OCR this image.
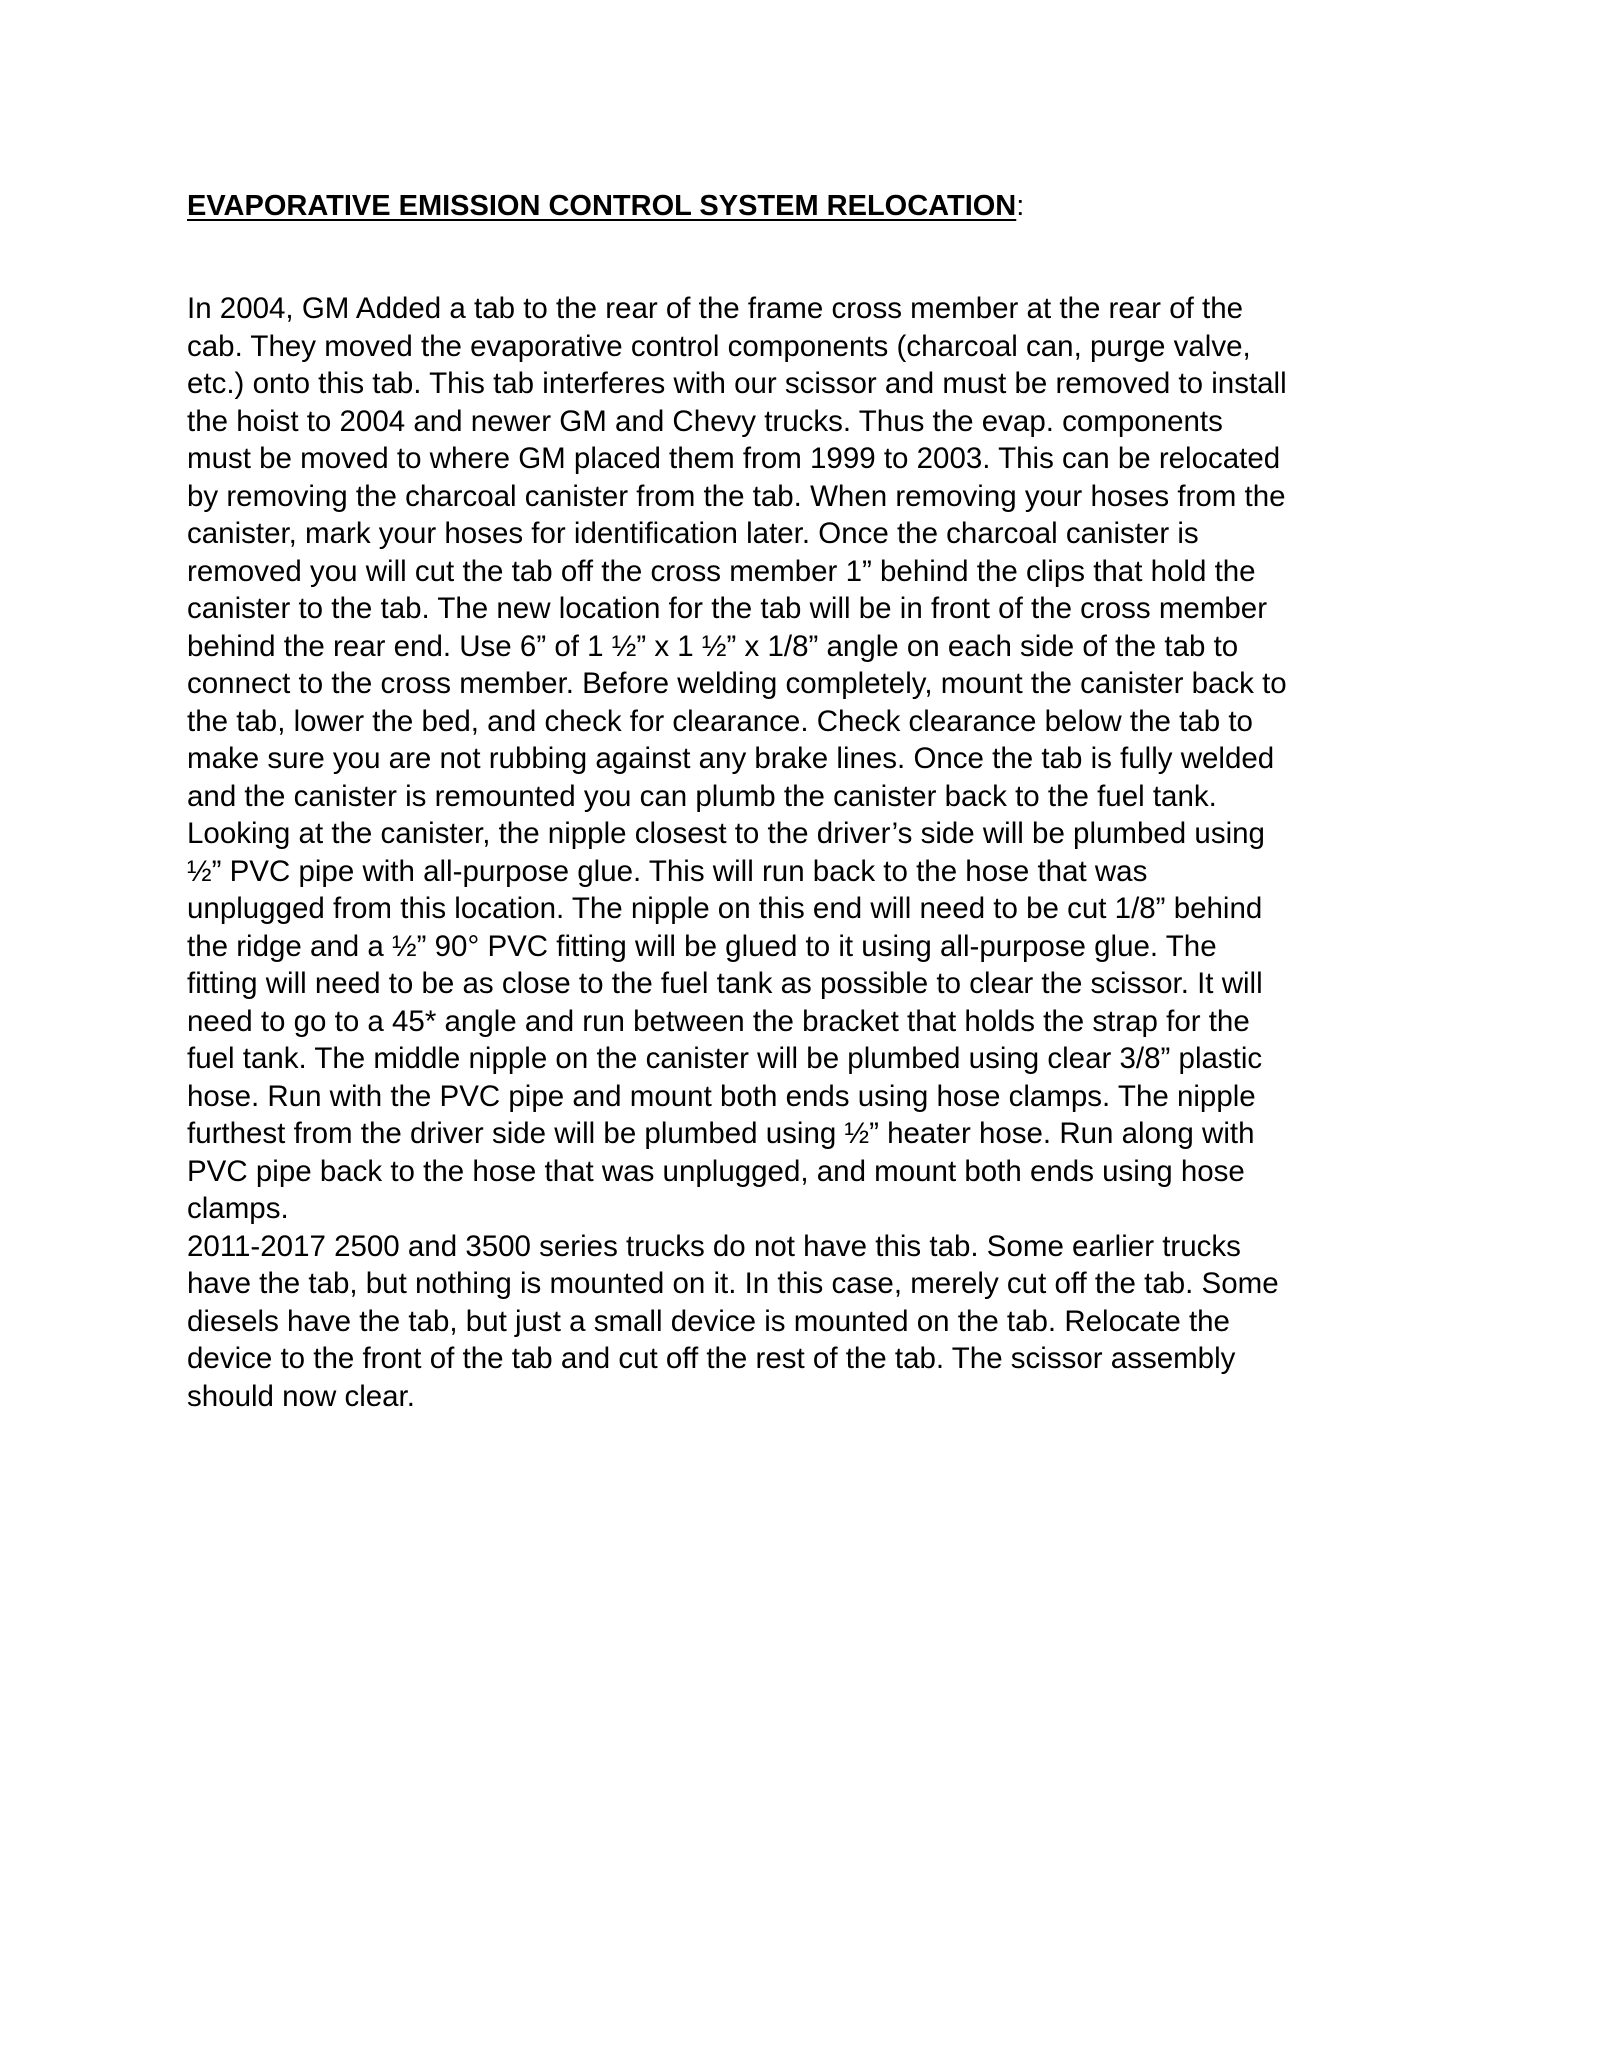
EVAPORATIVE EMISSION CONTROL SYSTEM RELOCATION:
In 2004, GM Added a tab to the rear of the frame cross member at the rear of the
cab. They moved the evaporative control components (charcoal can, purge valve,
etc.) onto this tab. This tab interferes with our scissor and must be removed to install
the hoist to 2004 and newer GM and Chevy trucks. Thus the evap. components
must be moved to where GM placed them from 1999 to 2003. This can be relocated
by removing the charcoal canister from the tab. When removing your hoses from the
canister, mark your hoses for identification later. Once the charcoal canister is
removed you will cut the tab off the cross member 1” behind the clips that hold the
canister to the tab. The new location for the tab will be in front of the cross member
behind the rear end. Use 6” of 1 ½” x 1 ½” x 1/8” angle on each side of the tab to
connect to the cross member. Before welding completely, mount the canister back to
the tab, lower the bed, and check for clearance. Check clearance below the tab to
make sure you are not rubbing against any brake lines. Once the tab is fully welded
and the canister is remounted you can plumb the canister back to the fuel tank.
Looking at the canister, the nipple closest to the driver’s side will be plumbed using
½” PVC pipe with all-purpose glue. This will run back to the hose that was
unplugged from this location. The nipple on this end will need to be cut 1/8” behind
the ridge and a ½” 90° PVC fitting will be glued to it using all-purpose glue. The
fitting will need to be as close to the fuel tank as possible to clear the scissor. It will
need to go to a 45* angle and run between the bracket that holds the strap for the
fuel tank. The middle nipple on the canister will be plumbed using clear 3/8” plastic
hose. Run with the PVC pipe and mount both ends using hose clamps. The nipple
furthest from the driver side will be plumbed using ½” heater hose. Run along with
PVC pipe back to the hose that was unplugged, and mount both ends using hose
clamps.
2011-2017 2500 and 3500 series trucks do not have this tab. Some earlier trucks
have the tab, but nothing is mounted on it. In this case, merely cut off the tab. Some
diesels have the tab, but just a small device is mounted on the tab. Relocate the
device to the front of the tab and cut off the rest of the tab. The scissor assembly
should now clear.
